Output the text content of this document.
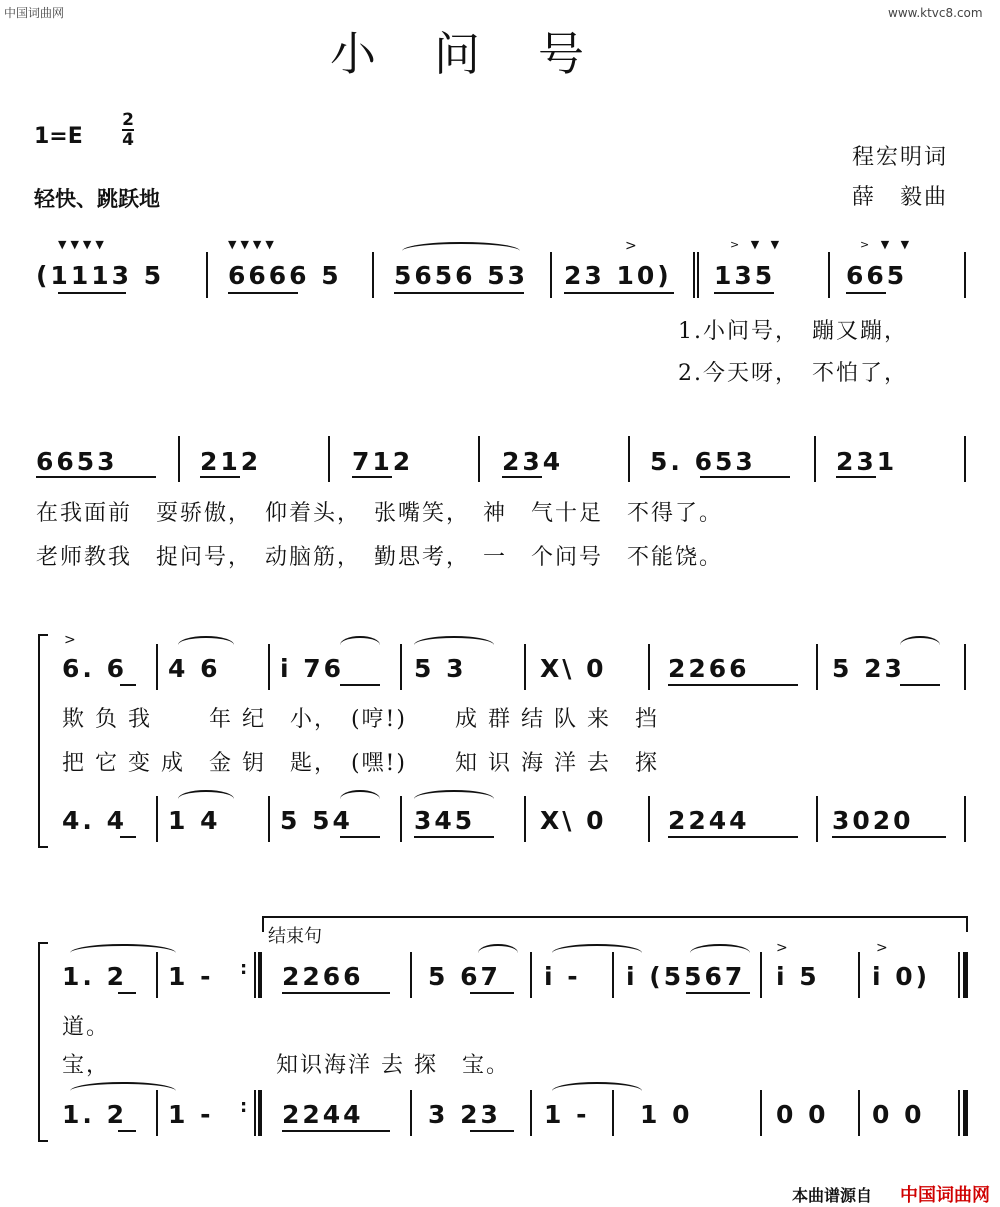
中国词曲网	www.ktvc8.com
小问号
1=E
2
4
轻快、跳跃地
程宏明词
薛　毅曲
▼▼▼▼	▼▼▼▼	> ▼ ▼	> ▼ ▼
>
(1113 5	6666 5 5656 53 23 10) 135	665
1.小问号，　蹦又蹦，
2.今天呀，　不怕了，
6653	212	712	234	5. 653	231
在我面前　耍骄傲，　仰着头，　张嘴笑，　神　气十足　不得了。
老师教我　捉问号，　动脑筋，　勤思考，　一　个问号　不能饶。
>
6. 6 4 6 i 76	5 3	X\ 0 2266	5 23
欺 负 我　　 年 纪　小，　(哼!)　　成 群 结 队 来　挡
把 它 变 成　金 钥　匙，　(嘿!)　　知 识 海 洋 去　探
4. 4 1 4 5 54 345	X\ 0 2244	3020
结束句
>	>
1. 2 1 -	2266	5 67 i - i (5567 i 5 i 0)
:
道。
宝，	知识海洋 去 探　宝。
1. 2 1 -	2244	3 23 1 - 1 0	0 0 0 0
:
本曲谱源自 中国词曲网
